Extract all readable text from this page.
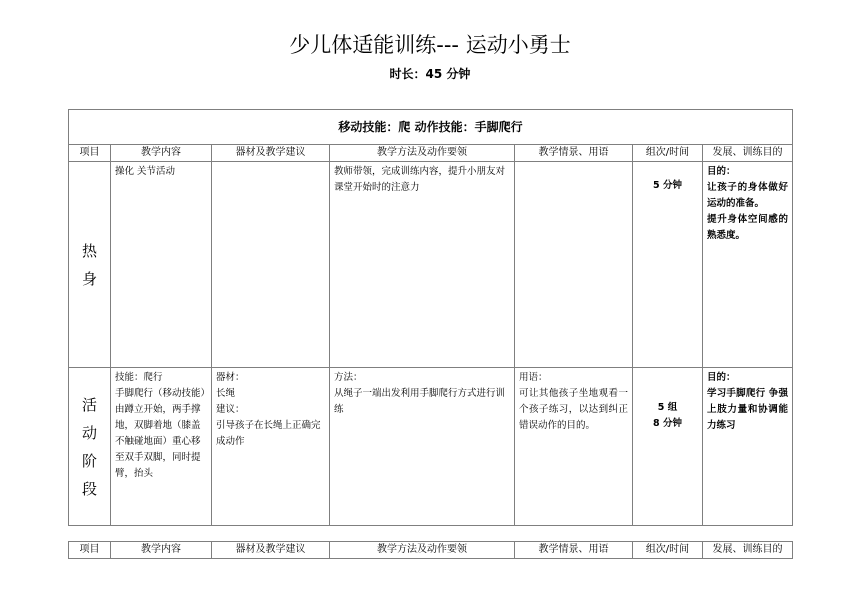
少儿体适能训练--- 运动小勇士
时长：45 分钟
移动技能：爬 动作技能：手脚爬行						
项目	教学内容	器材及教学建议	教学方法及动作要领	教学情景、用语	组次/时间	发展、训练目的

热
身	操化 关节活动		教师带领，完成训练内容，提升小朋友对课堂开始时的注意力		5 分钟	目的：
让孩子的身体做好运动的准备。
提升身体空间感的熟悉度。

活
动
阶
段	技能：爬行
手脚爬行（移动技能）
由蹲立开始，两手撑地，双脚着地（膝盖不触碰地面）重心移至双手双脚，同时提臂，抬头	器材：
长绳
建议：
引导孩子在长绳上正确完成动作	方法：
从绳子一端出发利用手脚爬行方式进行训练	用语：
可让其他孩子坐地观看一个孩子练习，以达到纠正错误动作的目的。	5 组
8 分钟	目的：
学习手脚爬行 争强上肢力量和协调能力练习
项目	教学内容	器材及教学建议	教学方法及动作要领	教学情景、用语	组次/时间	发展、训练目的
